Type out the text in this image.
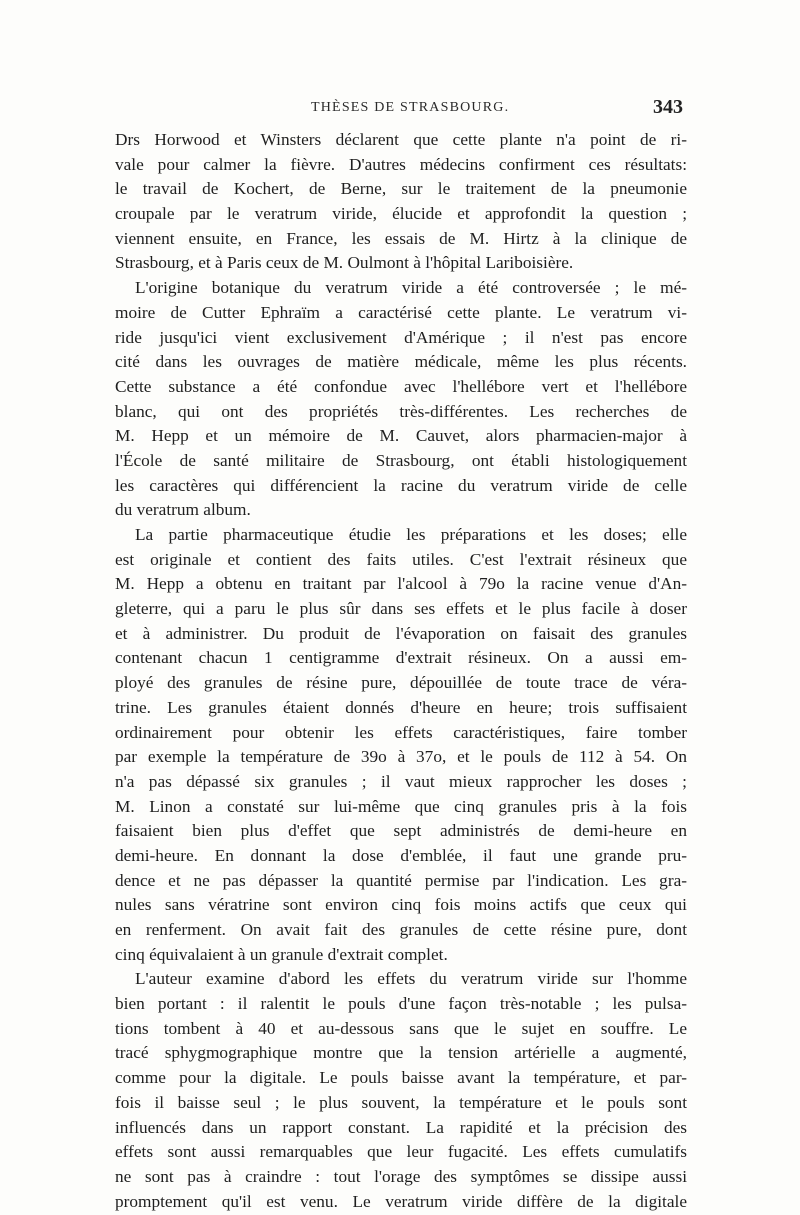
THÈSES DE STRASBOURG.	343
Drs Horwood et Winsters déclarent que cette plante n'a point de ri-
vale pour calmer la fièvre. D'autres médecins confirment ces résultats:
le travail de Kochert, de Berne, sur le traitement de la pneumonie
croupale par le veratrum viride, élucide et approfondit la question ;
viennent ensuite, en France, les essais de M. Hirtz à la clinique de
Strasbourg, et à Paris ceux de M. Oulmont à l'hôpital Lariboisière.
L'origine botanique du veratrum viride a été controversée ; le mé-
moire de Cutter Ephraïm a caractérisé cette plante. Le veratrum vi-
ride jusqu'ici vient exclusivement d'Amérique ; il n'est pas encore
cité dans les ouvrages de matière médicale, même les plus récents.
Cette substance a été confondue avec l'hellébore vert et l'hellébore
blanc, qui ont des propriétés très-différentes. Les recherches de
M. Hepp et un mémoire de M. Cauvet, alors pharmacien-major à
l'École de santé militaire de Strasbourg, ont établi histologiquement
les caractères qui différencient la racine du veratrum viride de celle
du veratrum album.
La partie pharmaceutique étudie les préparations et les doses; elle
est originale et contient des faits utiles. C'est l'extrait résineux que
M. Hepp a obtenu en traitant par l'alcool à 79o la racine venue d'An-
gleterre, qui a paru le plus sûr dans ses effets et le plus facile à doser
et à administrer. Du produit de l'évaporation on faisait des granules
contenant chacun 1 centigramme d'extrait résineux. On a aussi em-
ployé des granules de résine pure, dépouillée de toute trace de véra-
trine. Les granules étaient donnés d'heure en heure; trois suffisaient
ordinairement pour obtenir les effets caractéristiques, faire tomber
par exemple la température de 39o à 37o, et le pouls de 112 à 54. On
n'a pas dépassé six granules ; il vaut mieux rapprocher les doses ;
M. Linon a constaté sur lui-même que cinq granules pris à la fois
faisaient bien plus d'effet que sept administrés de demi-heure en
demi-heure. En donnant la dose d'emblée, il faut une grande pru-
dence et ne pas dépasser la quantité permise par l'indication. Les gra-
nules sans vératrine sont environ cinq fois moins actifs que ceux qui
en renferment. On avait fait des granules de cette résine pure, dont
cinq équivalaient à un granule d'extrait complet.
L'auteur examine d'abord les effets du veratrum viride sur l'homme
bien portant : il ralentit le pouls d'une façon très-notable ; les pulsa-
tions tombent à 40 et au-dessous sans que le sujet en souffre. Le
tracé sphygmographique montre que la tension artérielle a augmenté,
comme pour la digitale. Le pouls baisse avant la température, et par-
fois il baisse seul ; le plus souvent, la température et le pouls sont
influencés dans un rapport constant. La rapidité et la précision des
effets sont aussi remarquables que leur fugacité. Les effets cumulatifs
ne sont pas à craindre : tout l'orage des symptômes se dissipe aussi
promptement qu'il est venu. Le veratrum viride diffère de la digitale
